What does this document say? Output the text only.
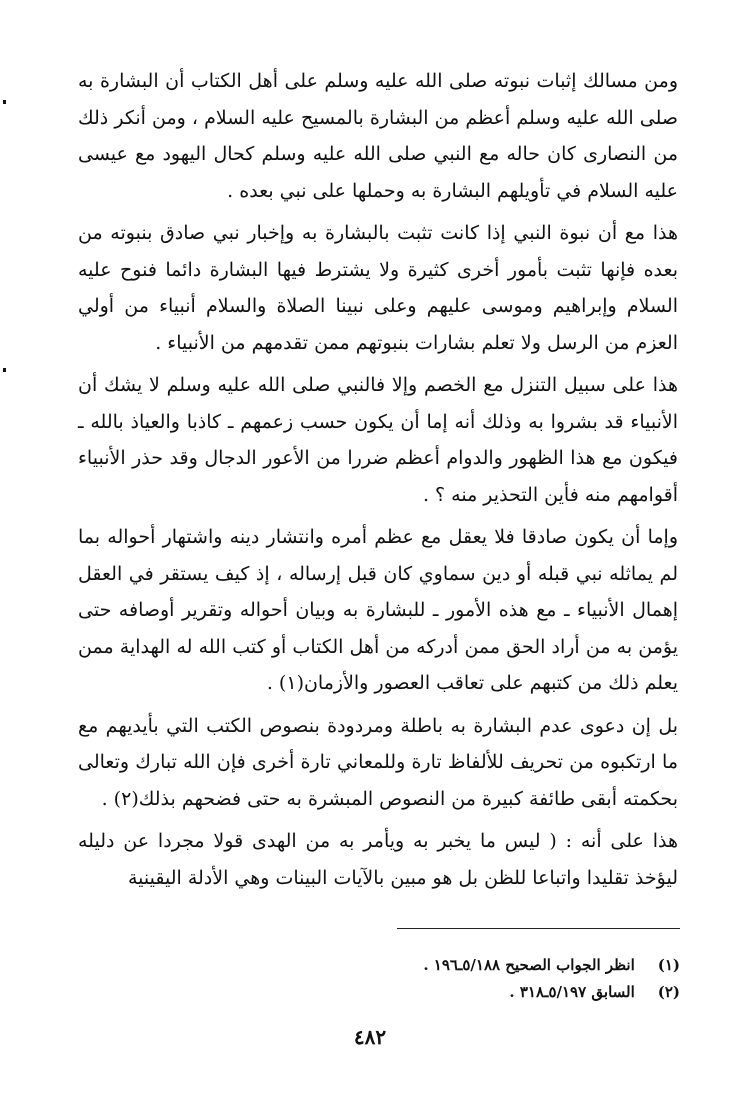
ومن مسالك إثبات نبوته صلى الله عليه وسلم على أهل الكتاب أن البشارة به صلى الله عليه وسلم أعظم من البشارة بالمسيح عليه السلام ، ومن أنكر ذلك من النصارى كان حاله مع النبي صلى الله عليه وسلم كحال اليهود مع عيسى عليه السلام في تأويلهم البشارة به وحملها على نبي بعده .

هذا مع أن نبوة النبي إذا كانت تثبت بالبشارة به وإخبار نبي صادق بنبوته من بعده فإنها تثبت بأمور أخرى كثيرة ولا يشترط فيها البشارة دائما فنوح عليه السلام وإبراهيم وموسى عليهم وعلى نبينا الصلاة والسلام أنبياء من أولي العزم من الرسل ولا تعلم بشارات بنبوتهم ممن تقدمهم من الأنبياء .

هذا على سبيل التنزل مع الخصم وإلا فالنبي صلى الله عليه وسلم لا يشك أن الأنبياء قد بشروا به وذلك أنه إما أن يكون حسب زعمهم ـ كاذبا والعياذ بالله ـ فيكون مع هذا الظهور والدوام أعظم ضررا من الأعور الدجال وقد حذر الأنبياء أقوامهم منه فأين التحذير منه ؟ .

وإما أن يكون صادقا فلا يعقل مع عظم أمره وانتشار دينه واشتهار أحواله بما لم يماثله نبي قبله أو دين سماوي كان قبل إرساله ، إذ كيف يستقر في العقل إهمال الأنبياء ـ مع هذه الأمور ـ للبشارة به وبيان أحواله وتقرير أوصافه حتى يؤمن به من أراد الحق ممن أدركه من أهل الكتاب أو كتب الله له الهداية ممن يعلم ذلك من كتبهم على تعاقب العصور والأزمان(١) .

بل إن دعوى عدم البشارة به باطلة ومردودة بنصوص الكتب التي بأيديهم مع ما ارتكبوه من تحريف للألفاظ تارة وللمعاني تارة أخرى فإن الله تبارك وتعالى بحكمته أبقى طائفة كبيرة من النصوص المبشرة به حتى فضحهم بذلك(٢) .

هذا على أنه : ( ليس ما يخبر به ويأمر به من الهدى قولا مجردا عن دليله ليؤخذ تقليدا واتباعا للظن بل هو مبين بالآيات البينات وهي الأدلة اليقينية

(١) انظر الجواب الصحيح ٥/١٨٨ـ١٩٦ .
(٢) السابق ٥/١٩٧ـ٣١٨ .
٤٨٢
